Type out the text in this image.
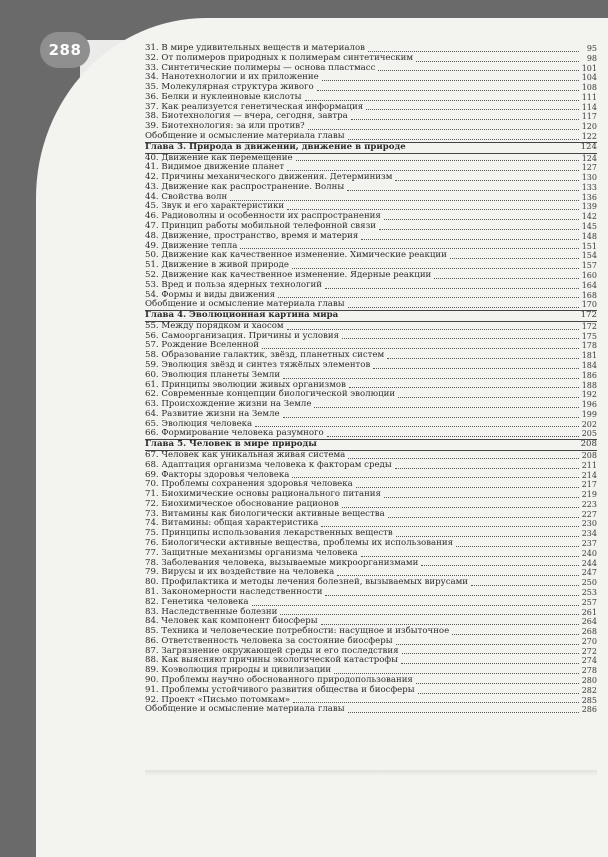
288	31. В мире удивительных веществ и материалов	95
32. От полимеров природных к полимерам синтетическим	98
33. Синтетические полимеры — основа пластмасс	101
34. Нанотехнологии и их приложение	104
35. Молекулярная структура живого	108
36. Белки и нуклеиновые кислоты	111
37. Как реализуется генетическая информация	114
38. Биотехнология — вчера, сегодня, завтра	117
39. Биотехнология: за или против?	120
Обобщение и осмысление материала главы	122
Глава 3. Природа в движении, движение в природе	124
40. Движение как перемещение	124
41. Видимое движение планет	127
42. Причины механического движения. Детерминизм	130
43. Движение как распространение. Волны	133
44. Свойства волн	136
45. Звук и его характеристики	139
46. Радиоволны и особенности их распространения	142
47. Принцип работы мобильной телефонной связи	145
48. Движение, пространство, время и материя	148
49. Движение тепла	151
50. Движение как качественное изменение. Химические реакции	154
51. Движение в живой природе	157
52. Движение как качественное изменение. Ядерные реакции	160
53. Вред и польза ядерных технологий	164
54. Формы и виды движения	168
Обобщение и осмысление материала главы	170
Глава 4. Эволюционная картина мира	172
55. Между порядком и хаосом	172
56. Самоорганизация. Причины и условия	175
57. Рождение Вселенной	178
58. Образование галактик, звёзд, планетных систем	181
59. Эволюция звёзд и синтез тяжёлых элементов	184
60. Эволюция планеты Земли	186
61. Принципы эволюции живых организмов	188
62. Современные концепции биологической эволюции	192
63. Происхождение жизни на Земле	196
64. Развитие жизни на Земле	199
65. Эволюция человека	202
66. Формирование человека разумного	205
Глава 5. Человек в мире природы	208
67. Человек как уникальная живая система	208
68. Адаптация организма человека к факторам среды	211
69. Факторы здоровья человека	214
70. Проблемы сохранения здоровья человека	217
71. Биохимические основы рационального питания	219
72. Биохимическое обоснование рационов	223
73. Витамины как биологически активные вещества	227
74. Витамины: общая характеристика	230
75. Принципы использования лекарственных веществ	234
76. Биологически активные вещества, проблемы их использования	237
77. Защитные механизмы организма человека	240
78. Заболевания человека, вызываемые микроорганизмами	244
79. Вирусы и их воздействие на человека	247
80. Профилактика и методы лечения болезней, вызываемых вирусами	250
81. Закономерности наследственности	253
82. Генетика человека	257
83. Наследственные болезни	261
84. Человек как компонент биосферы	264
85. Техника и человеческие потребности: насущное и избыточное	268
86. Ответственность человека за состояние биосферы	270
87. Загрязнение окружающей среды и его последствия	272
88. Как выясняют причины экологической катастрофы	274
89. Коэволюция природы и цивилизации	278
90. Проблемы научно обоснованного природопользования	280
91. Проблемы устойчивого развития общества и биосферы	282
92. Проект «Письмо потомкам»	285
Обобщение и осмысление материала главы	286
